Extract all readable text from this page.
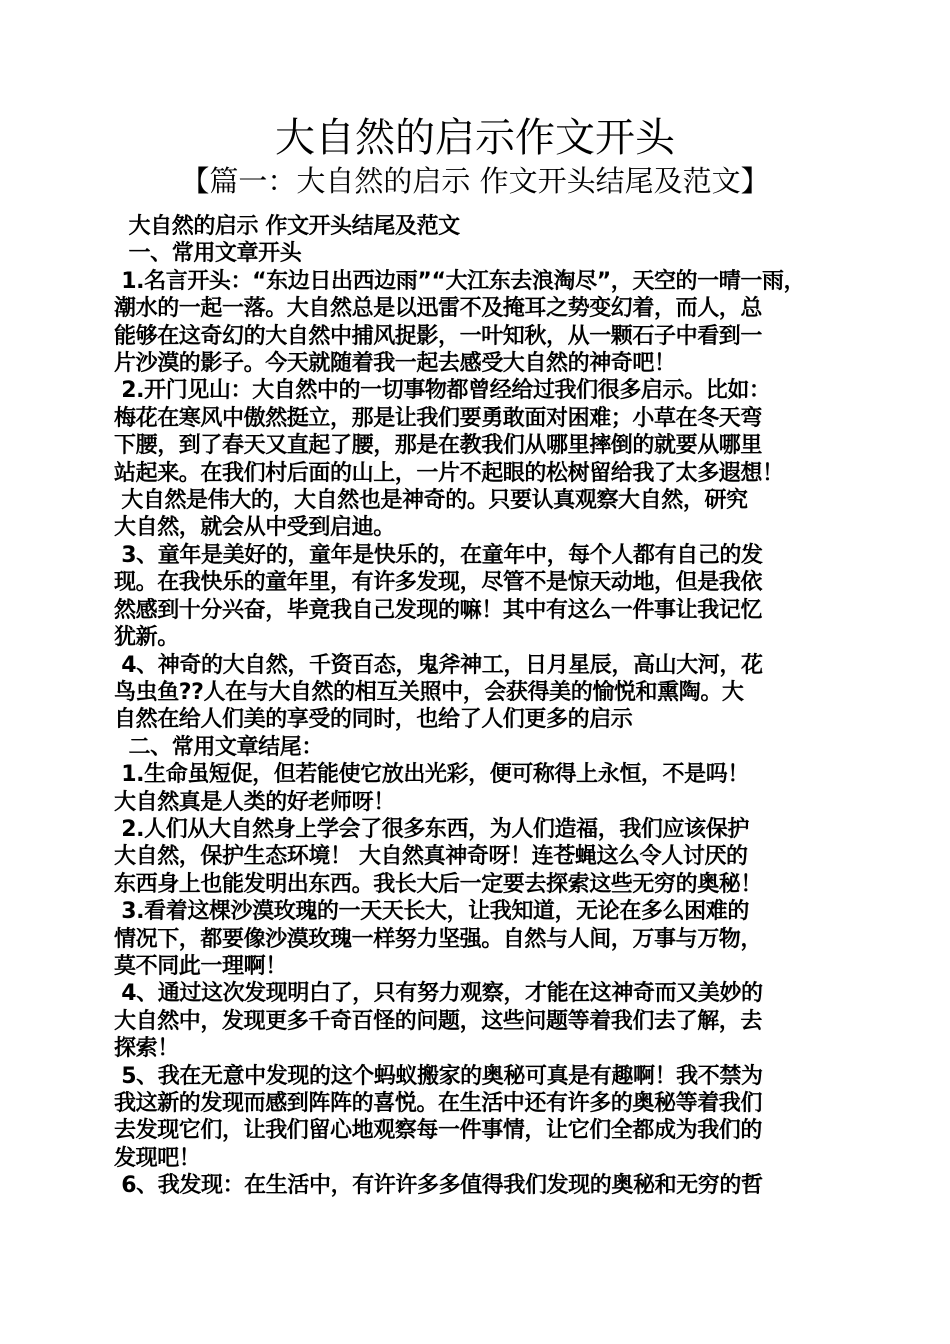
大自然的启示作文开头
【篇一：大自然的启示 作文开头结尾及范文】
大自然的启示 作文开头结尾及范文
一、常用文章开头
1.名言开头：“东边日出西边雨”“大江东去浪淘尽”，天空的一晴一雨，
潮水的一起一落。大自然总是以迅雷不及掩耳之势变幻着，而人，总
能够在这奇幻的大自然中捕风捉影，一叶知秋，从一颗石子中看到一
片沙漠的影子。今天就随着我一起去感受大自然的神奇吧！
2.开门见山：大自然中的一切事物都曾经给过我们很多启示。比如：
梅花在寒风中傲然挺立，那是让我们要勇敢面对困难；小草在冬天弯
下腰，到了春天又直起了腰，那是在教我们从哪里摔倒的就要从哪里
站起来。在我们村后面的山上，一片不起眼的松树留给我了太多遐想！
大自然是伟大的，大自然也是神奇的。只要认真观察大自然，研究
大自然，就会从中受到启迪。
3、童年是美好的，童年是快乐的，在童年中，每个人都有自己的发
现。在我快乐的童年里，有许多发现，尽管不是惊天动地，但是我依
然感到十分兴奋，毕竟我自己发现的嘛！其中有这么一件事让我记忆
犹新。
4、神奇的大自然，千资百态，鬼斧神工，日月星辰，高山大河，花
鸟虫鱼??人在与大自然的相互关照中，会获得美的愉悦和熏陶。大
自然在给人们美的享受的同时，也给了人们更多的启示
二、常用文章结尾：
1.生命虽短促，但若能使它放出光彩，便可称得上永恒，不是吗！
大自然真是人类的好老师呀！
2.人们从大自然身上学会了很多东西，为人们造福，我们应该保护
大自然，保护生态环境！ 大自然真神奇呀！连苍蝇这么令人讨厌的
东西身上也能发明出东西。我长大后一定要去探索这些无穷的奥秘！
3.看着这棵沙漠玫瑰的一天天长大，让我知道，无论在多么困难的
情况下，都要像沙漠玫瑰一样努力坚强。自然与人间，万事与万物，
莫不同此一理啊！
4、通过这次发现明白了，只有努力观察，才能在这神奇而又美妙的
大自然中，发现更多千奇百怪的问题，这些问题等着我们去了解，去
探索！
5、我在无意中发现的这个蚂蚁搬家的奥秘可真是有趣啊！我不禁为
我这新的发现而感到阵阵的喜悦。在生活中还有许多的奥秘等着我们
去发现它们，让我们留心地观察每一件事情，让它们全都成为我们的
发现吧！
6、我发现：在生活中，有许许多多值得我们发现的奥秘和无穷的哲
